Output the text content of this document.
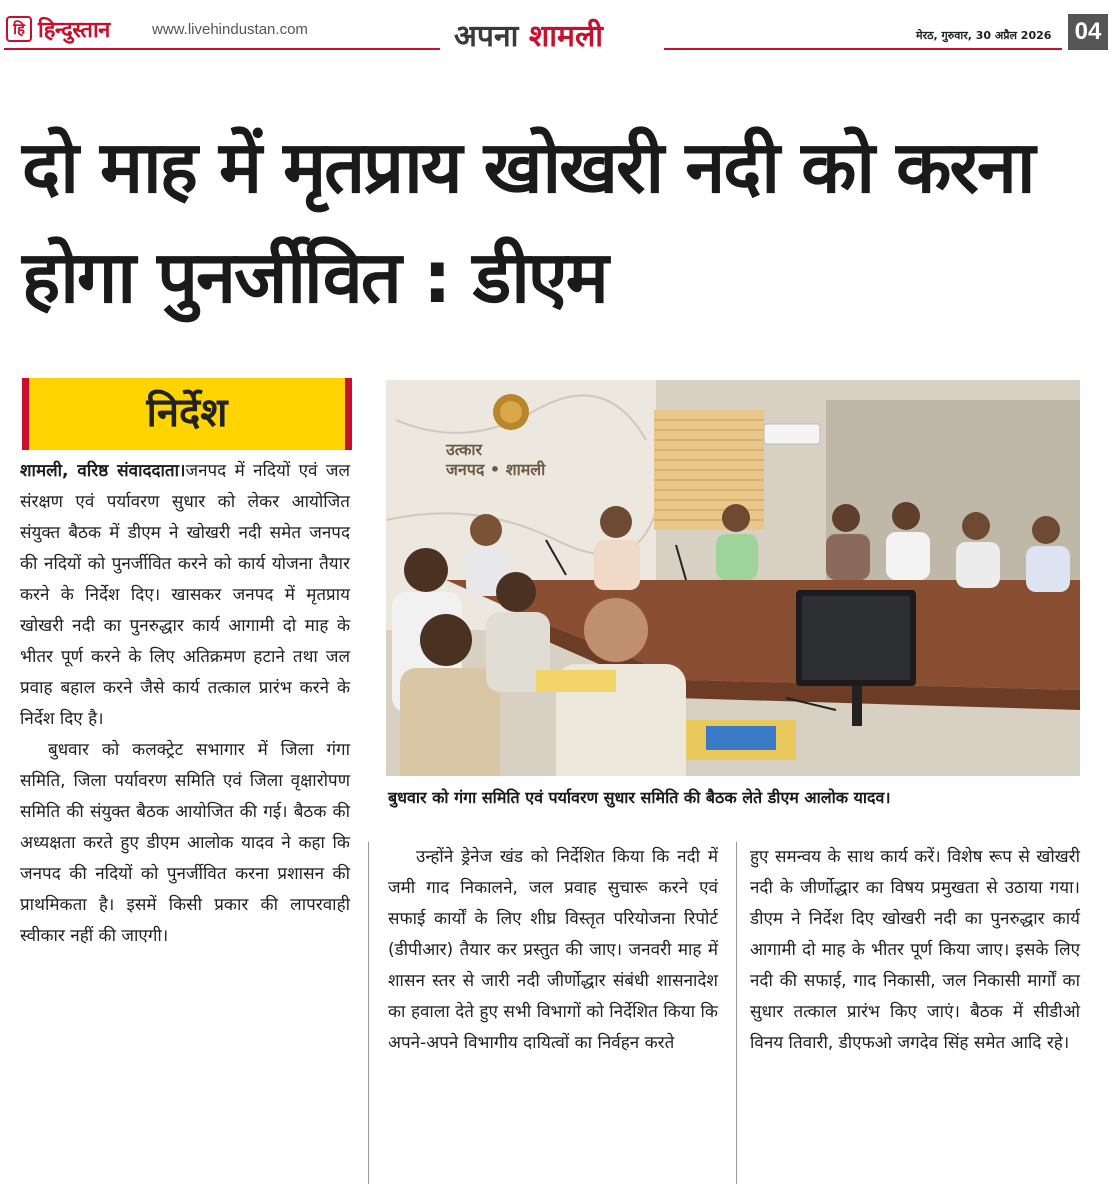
हि हिन्दुस्तान	www.livehindustan.com	अपना शामली	मेरठ, गुरुवार, 30 अप्रैल 2026 04
दो माह में मृतप्राय खोखरी नदी को करना होगा पुनर्जीवित : डीएम
निर्देश
उत्कार
जनपद • शामली
बुधवार को गंगा समिति एवं पर्यावरण सुधार समिति की बैठक लेते डीएम आलोक यादव।

शामली, वरिष्ठ संवाददाता।जनपद में नदियों एवं जल संरक्षण एवं पर्यावरण सुधार को लेकर आयोजित संयुक्त बैठक में डीएम ने खोखरी नदी समेत जनपद की नदियों को पुनर्जीवित करने को कार्य योजना तैयार करने के निर्देश दिए। खासकर जनपद में मृतप्राय खोखरी नदी का पुनरुद्धार कार्य आगामी दो माह के भीतर पूर्ण करने के लिए अतिक्रमण हटाने तथा जल प्रवाह बहाल करने जैसे कार्य तत्काल प्रारंभ करने के निर्देश दिए है।

बुधवार को कलक्ट्रेट सभागार में जिला गंगा समिति, जिला पर्यावरण समिति एवं जिला वृक्षारोपण समिति की संयुक्त बैठक आयोजित की गई। बैठक की अध्यक्षता करते हुए डीएम आलोक यादव ने कहा कि जनपद की नदियों को पुनर्जीवित करना प्रशासन की प्राथमिकता है। इसमें किसी प्रकार की लापरवाही स्वीकार नहीं की जाएगी।

उन्होंने ड्रेनेज खंड को निर्देशित किया कि नदी में जमी गाद निकालने, जल प्रवाह सुचारू करने एवं सफाई कार्यों के लिए शीघ्र विस्तृत परियोजना रिपोर्ट (डीपीआर) तैयार कर प्रस्तुत की जाए। जनवरी माह में शासन स्तर से जारी नदी जीर्णोद्धार संबंधी शासनादेश का हवाला देते हुए सभी विभागों को निर्देशित किया कि अपने-अपने विभागीय दायित्वों का निर्वहन करते

हुए समन्वय के साथ कार्य करें। विशेष रूप से खोखरी नदी के जीर्णोद्धार का विषय प्रमुखता से उठाया गया। डीएम ने निर्देश दिए खोखरी नदी का पुनरुद्धार कार्य आगामी दो माह के भीतर पूर्ण किया जाए। इसके लिए नदी की सफाई, गाद निकासी, जल निकासी मार्गों का सुधार तत्काल प्रारंभ किए जाएं। बैठक में सीडीओ विनय तिवारी, डीएफओ जगदेव सिंह समेत आदि रहे।
